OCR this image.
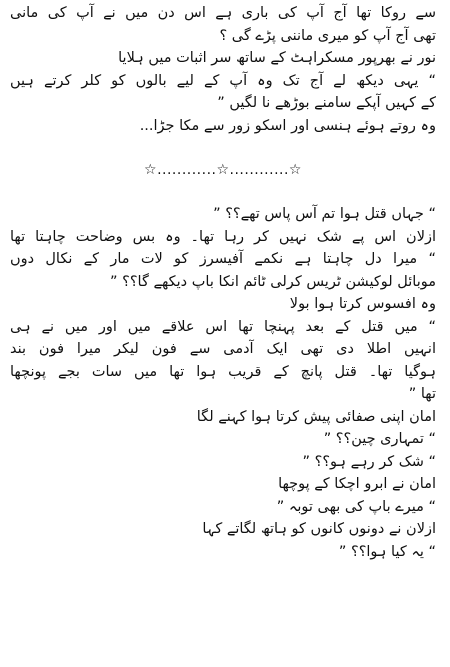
سے روکا تھا آج آپ کی باری ہے اس دن میں نے آپ کی مانی
تھی آج آپ کو میری ماننی پڑے گی ؟
نور نے بھرپور مسکراہٹ کے ساتھ سر اثبات میں ہلایا
“ یہی دیکھ لے آج تک وہ آپ کے لیے بالوں کو کلر کرتے ہیں
کے کہیں آپکے سامنے بوڑھے نا لگیں ”
وہ روتے ہوئے ہنسی اور اسکو زور سے مکا جڑا...
☆............☆............☆
“ جہاں قتل ہوا تم آس پاس تھے؟؟ ”
ازلان اس پے شک نہیں کر رہا تھا۔ وہ بس وضاحت چاہتا تھا
“ میرا دل چاہتا ہے نکمے آفیسرز کو لات مار کے نکال دوں
موبائل لوکیشن ٹریس کرلی ٹائم انکا باپ دیکھے گا؟؟ ”
وہ افسوس کرتا ہوا بولا
“ میں قتل کے بعد پہنچا تھا اس علاقے میں اور میں نے ہی
انہیں اطلا دی تھی ایک آدمی سے فون لیکر میرا فون بند
ہوگیا تھا۔ قتل پانچ کے قریب ہوا تھا میں سات بجے پونچھا
تھا ”
امان اپنی صفائی پیش کرتا ہوا کہنے لگا
“ تمہاری چین؟؟ ”
“ شک کر رہے ہو؟؟ ”
امان نے ابرو اچکا کے پوچھا
“ میرے باپ کی بھی توبہ ”
ازلان نے دونوں کانوں کو ہاتھ لگاتے کہا
“ یہ کیا ہوا؟؟ ”
